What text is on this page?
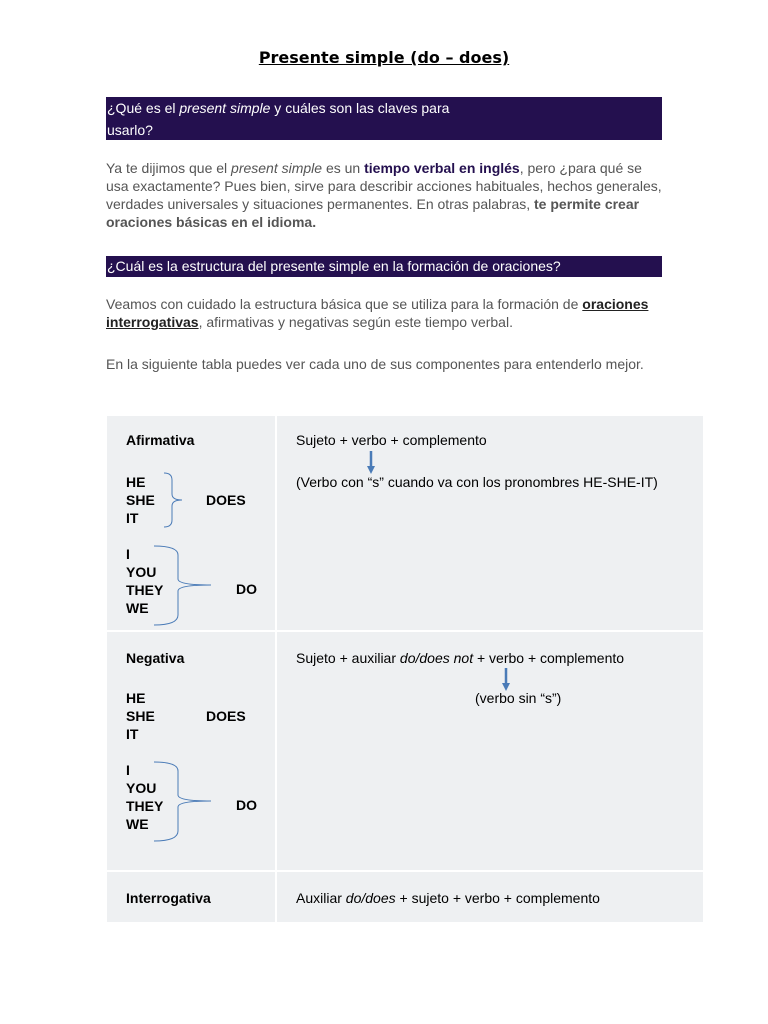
Presente simple (do – does)
¿Qué es el present simple y cuáles son las claves para
usarlo?
Ya te dijimos que el present simple es un tiempo verbal en inglés, pero ¿para qué se usa exactamente? Pues bien, sirve para describir acciones habituales, hechos generales, verdades universales y situaciones permanentes. En otras palabras, te permite crear oraciones básicas en el idioma.
¿Cuál es la estructura del presente simple en la formación de oraciones?
Veamos con cuidado la estructura básica que se utiliza para la formación de oraciones interrogativas, afirmativas y negativas según este tiempo verbal.
En la siguiente tabla puedes ver cada uno de sus componentes para entenderlo mejor.
Afirmativa
HE
SHE
IT
DOES
I
YOU
THEY
WE
DO
Sujeto + verbo + complemento
(Verbo con “s” cuando va con los pronombres HE-SHE-IT)
Negativa
HE
SHE
IT
DOES
I
YOU
THEY
WE
DO
Sujeto + auxiliar do/does not + verbo + complemento
(verbo sin “s”)
Interrogativa	Auxiliar do/does + sujeto + verbo + complemento
